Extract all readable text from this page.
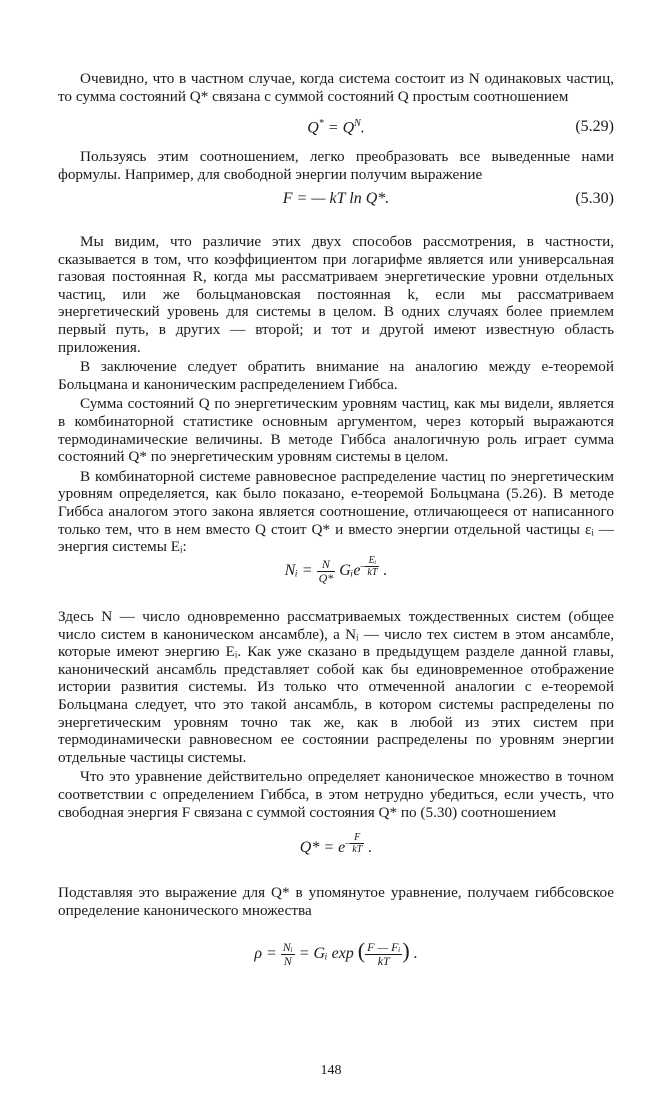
Очевидно, что в частном случае, когда система состоит из N одинаковых частиц, то сумма состояний Q* связана с суммой состояний Q простым соотношением

$Q^* = Q^N$.	(5.29)

Пользуясь этим соотношением, легко преобразовать все выведенные нами формулы. Например, для свободной энергии получим выражение

F = — kT ln Q*.	(5.30)

Мы видим, что различие этих двух способов рассмотрения, в частности, сказывается в том, что коэффициентом при логарифме является или универсальная газовая постоянная R, когда мы рассматриваем энергетические уровни отдельных частиц, или же больцмановская постоянная k, если мы рассматриваем энергетический уровень для системы в целом. В одних случаях более приемлем первый путь, в других — второй; и тот и другой имеют известную область приложения.

В заключение следует обратить внимание на аналогию между e-теоремой Больцмана и каноническим распределением Гиббса.

Сумма состояний Q по энергетическим уровням частиц, как мы видели, является в комбинаторной статистике основным аргументом, через который выражаются термодинамические величины. В методе Гиббса аналогичную роль играет сумма состояний Q* по энергетическим уровням системы в целом.

В комбинаторной системе равновесное распределение частиц по энергетическим уровням определяется, как было показано, e-теоремой Больцмана (5.26). В методе Гиббса аналогом этого закона является соотношение, отличающееся от написанного только тем, что в нем вместо Q стоит Q* и вместо энергии отдельной частицы εᵢ — энергия системы Eᵢ:

Nᵢ = $\frac{N}{Q*}$ Gᵢe$^{- \frac{\text{Eᵢ}}{kT}}$ .

Здесь N — число одновременно рассматриваемых тождественных систем (общее число систем в каноническом ансамбле), а Nᵢ — число тех систем в этом ансамбле, которые имеют энергию Eᵢ. Как уже сказано в предыдущем разделе данной главы, канонический ансамбль представляет собой как бы единовременное отображение истории развития системы. Из только что отмеченной аналогии с e-теоремой Больцмана следует, что это такой ансамбль, в котором системы распределены по энергетическим уровням точно так же, как в любой из этих систем при термодинамически равновесном ее состоянии распределены по уровням энергии отдельные частицы системы.

Что это уравнение действительно определяет каноническое множество в точном соответствии с определением Гиббса, в этом нетрудно убедиться, если учесть, что свободная энергия F связана с суммой состояния Q* по (5.30) соотношением

$Q* = e^{- \frac{F}{kT}}$ .

Подставляя это выражение для Q* в упомянутое уравнение, получаем гиббсовское определение канонического множества

$\rho = \frac{\text{Nᵢ}}{N}$ = Gᵢ exp ( $\frac{\text{F — Fᵢ}}{kT}$ ) .
148
